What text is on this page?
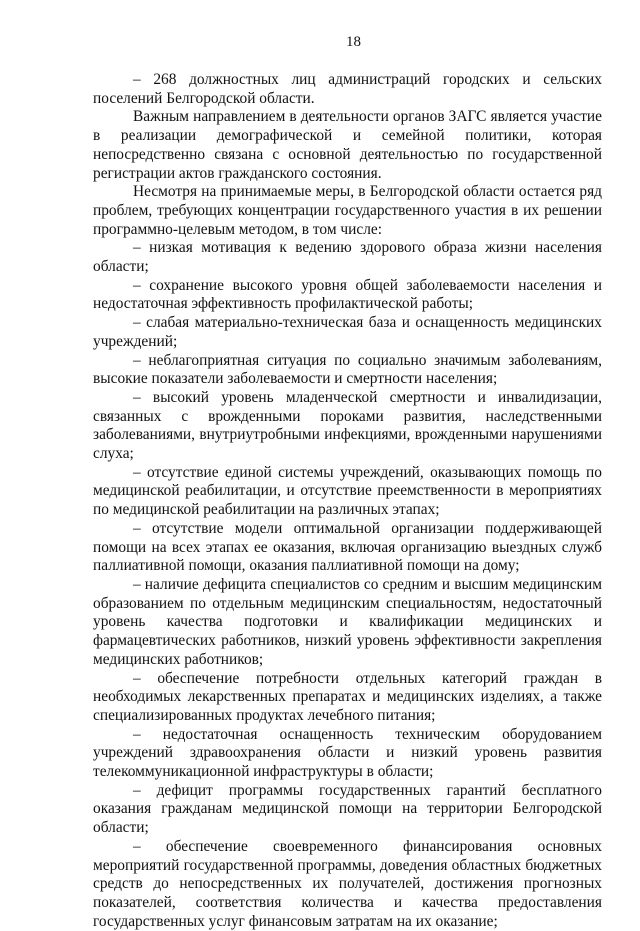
18

– 268 должностных лиц администраций городских и сельских поселений Белгородской области.

Важным направлением в деятельности органов ЗАГС является участие в реализации демографической и семейной политики, которая непосредственно связана с основной деятельностью по государственной регистрации актов гражданского состояния.

Несмотря на принимаемые меры, в Белгородской области остается ряд проблем, требующих концентрации государственного участия в их решении программно-целевым методом, в том числе:

– низкая мотивация к ведению здорового образа жизни населения области;

– сохранение высокого уровня общей заболеваемости населения и недостаточная эффективность профилактической работы;

– слабая материально-техническая база и оснащенность медицинских учреждений;

– неблагоприятная ситуация по социально значимым заболеваниям, высокие показатели заболеваемости и смертности населения;

– высокий уровень младенческой смертности и инвалидизации, связанных с врожденными пороками развития, наследственными заболеваниями, внутриутробными инфекциями, врожденными нарушениями слуха;

– отсутствие единой системы учреждений, оказывающих помощь по медицинской реабилитации, и отсутствие преемственности в мероприятиях по медицинской реабилитации на различных этапах;

– отсутствие модели оптимальной организации поддерживающей помощи на всех этапах ее оказания, включая организацию выездных служб паллиативной помощи, оказания паллиативной помощи на дому;

– наличие дефицита специалистов со средним и высшим медицинским образованием по отдельным медицинским специальностям, недостаточный уровень качества подготовки и квалификации медицинских и фармацевтических работников, низкий уровень эффективности закрепления медицинских работников;

– обеспечение потребности отдельных категорий граждан в необходимых лекарственных препаратах и медицинских изделиях, а также специализированных продуктах лечебного питания;

– недостаточная оснащенность техническим оборудованием учреждений здравоохранения области и низкий уровень развития телекоммуникационной инфраструктуры в области;

– дефицит программы государственных гарантий бесплатного оказания гражданам медицинской помощи на территории Белгородской области;

– обеспечение своевременного финансирования основных мероприятий государственной программы, доведения областных бюджетных средств до непосредственных их получателей, достижения прогнозных показателей, соответствия количества и качества предоставления государственных услуг финансовым затратам на их оказание;
